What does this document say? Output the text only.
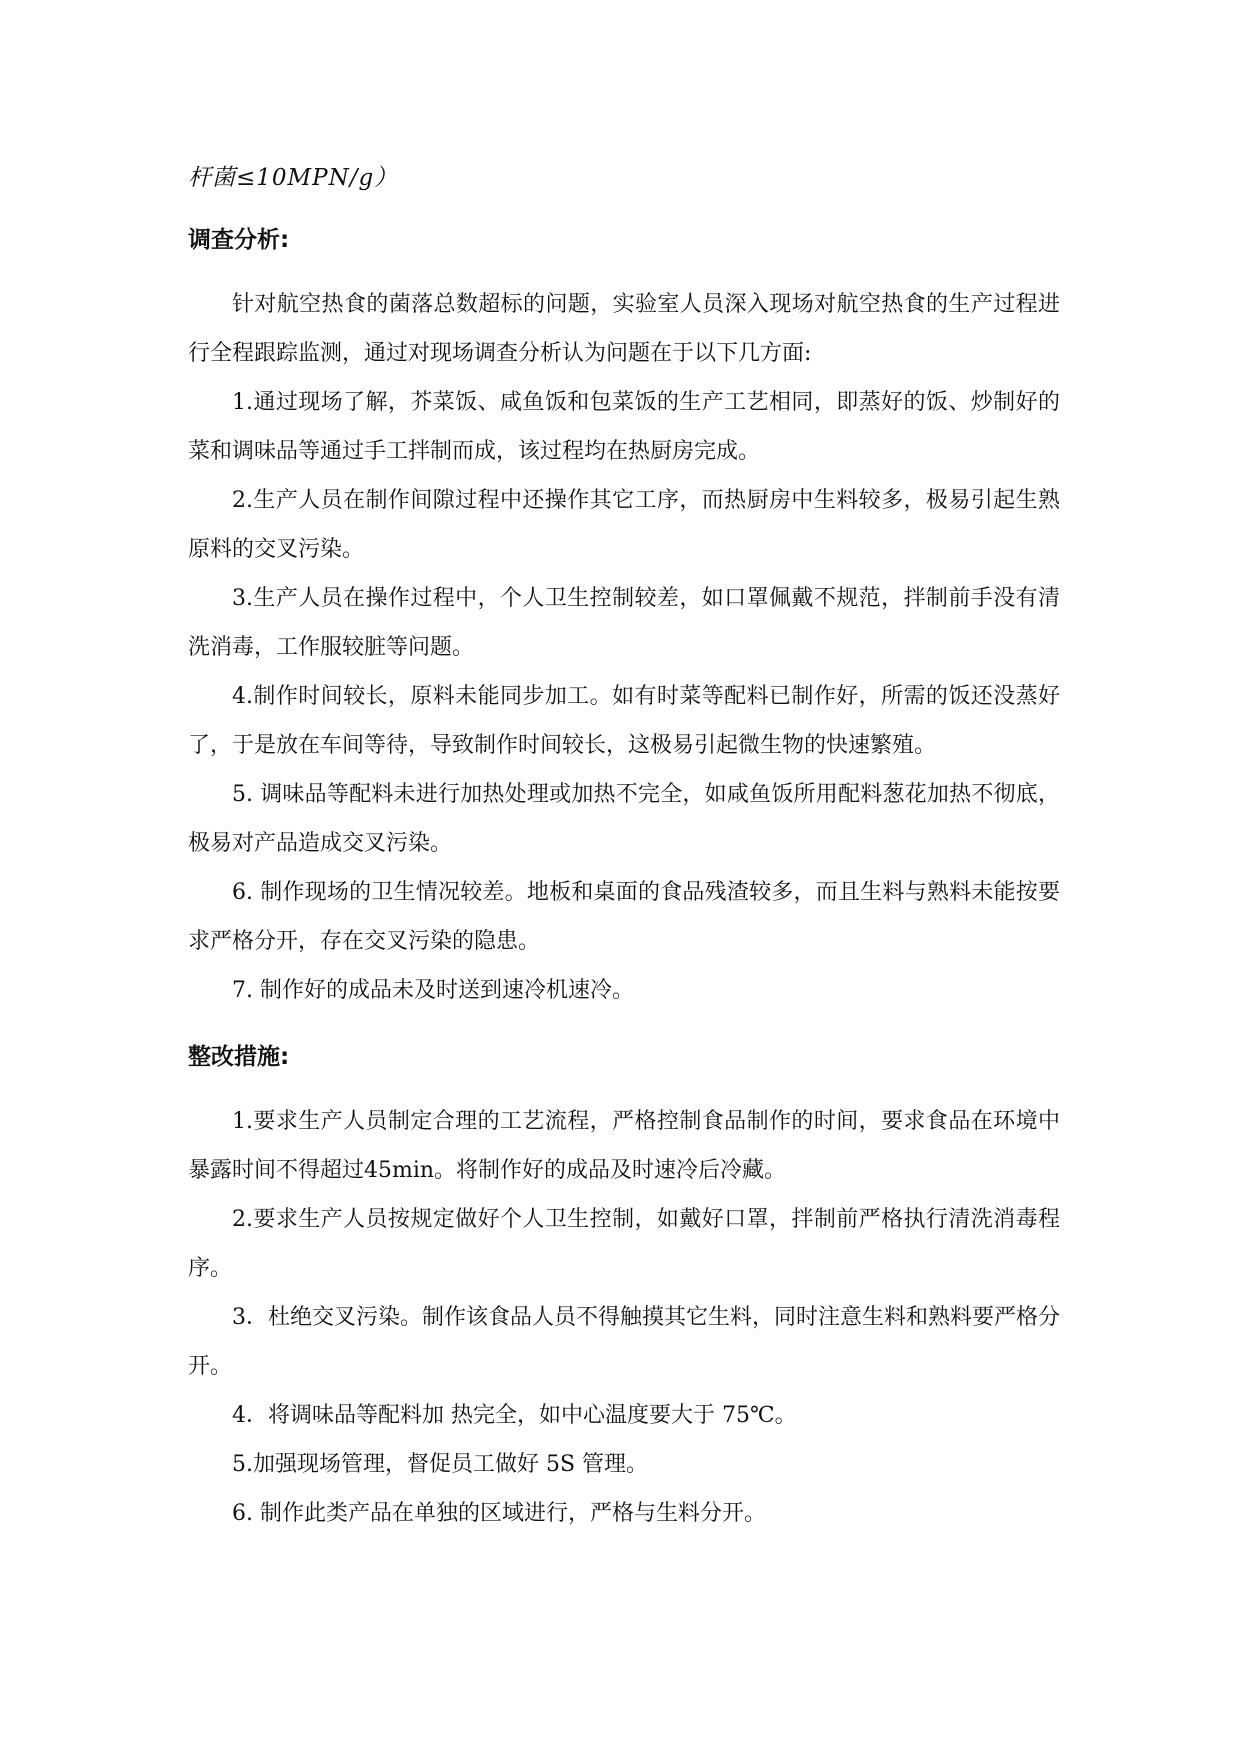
杆菌≤10MPN/g）

调查分析:

针对航空热食的菌落总数超标的问题，实验室人员深入现场对航空热食的生产过程进行全程跟踪监测，通过对现场调查分析认为问题在于以下几方面:

1.通过现场了解，芥菜饭、咸鱼饭和包菜饭的生产工艺相同，即蒸好的饭、炒制好的菜和调味品等通过手工拌制而成，该过程均在热厨房完成。

2.生产人员在制作间隙过程中还操作其它工序，而热厨房中生料较多，极易引起生熟原料的交叉污染。

3.生产人员在操作过程中，个人卫生控制较差，如口罩佩戴不规范，拌制前手没有清洗消毒，工作服较脏等问题。

4.制作时间较长，原料未能同步加工。如有时菜等配料已制作好，所需的饭还没蒸好了，于是放在车间等待，导致制作时间较长，这极易引起微生物的快速繁殖。

5. 调味品等配料未进行加热处理或加热不完全，如咸鱼饭所用配料葱花加热不彻底，极易对产品造成交叉污染。

6. 制作现场的卫生情况较差。地板和桌面的食品残渣较多，而且生料与熟料未能按要求严格分开，存在交叉污染的隐患。

7. 制作好的成品未及时送到速冷机速冷。

整改措施:

1.要求生产人员制定合理的工艺流程，严格控制食品制作的时间，要求食品在环境中暴露时间不得超过45min。将制作好的成品及时速冷后冷藏。

2.要求生产人员按规定做好个人卫生控制，如戴好口罩，拌制前严格执行清洗消毒程序。

3．杜绝交叉污染。制作该食品人员不得触摸其它生料，同时注意生料和熟料要严格分开。

4．将调味品等配料加 热完全，如中心温度要大于 75℃。

5.加强现场管理，督促员工做好 5S 管理。

6. 制作此类产品在单独的区域进行，严格与生料分开。
